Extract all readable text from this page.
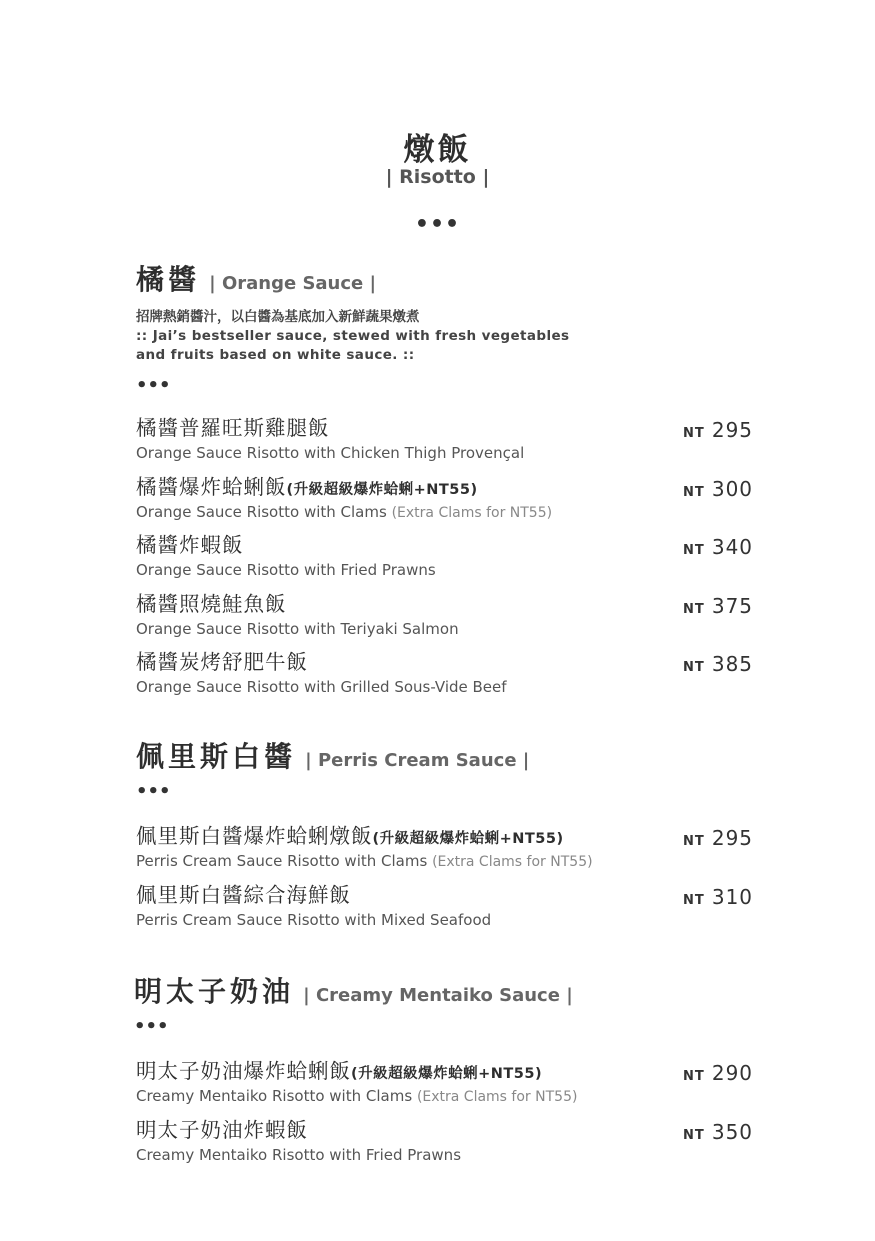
燉飯
| Risotto |
•••
橘醬 | Orange Sauce |
招牌熱銷醬汁，以白醬為基底加入新鮮蔬果燉煮
:: Jai’s bestseller sauce, stewed with fresh vegetables
and fruits based on white sauce. ::
•••
橘醬普羅旺斯雞腿飯
Orange Sauce Risotto with Chicken Thigh Provençal
NT 295
橘醬爆炸蛤蜊飯(升級超級爆炸蛤蜊+NT55)
Orange Sauce Risotto with Clams (Extra Clams for NT55)
NT 300
橘醬炸蝦飯
Orange Sauce Risotto with Fried Prawns
NT 340
橘醬照燒鮭魚飯
Orange Sauce Risotto with Teriyaki Salmon
NT 375
橘醬炭烤舒肥牛飯
Orange Sauce Risotto with Grilled Sous-Vide Beef
NT 385
佩里斯白醬 | Perris Cream Sauce |
•••
佩里斯白醬爆炸蛤蜊燉飯(升級超級爆炸蛤蜊+NT55)
Perris Cream Sauce Risotto with Clams (Extra Clams for NT55)
NT 295
佩里斯白醬綜合海鮮飯
Perris Cream Sauce Risotto with Mixed Seafood
NT 310
明太子奶油 | Creamy Mentaiko Sauce |
•••
明太子奶油爆炸蛤蜊飯(升級超級爆炸蛤蜊+NT55)
Creamy Mentaiko Risotto with Clams (Extra Clams for NT55)
NT 290
明太子奶油炸蝦飯
Creamy Mentaiko Risotto with Fried Prawns
NT 350
